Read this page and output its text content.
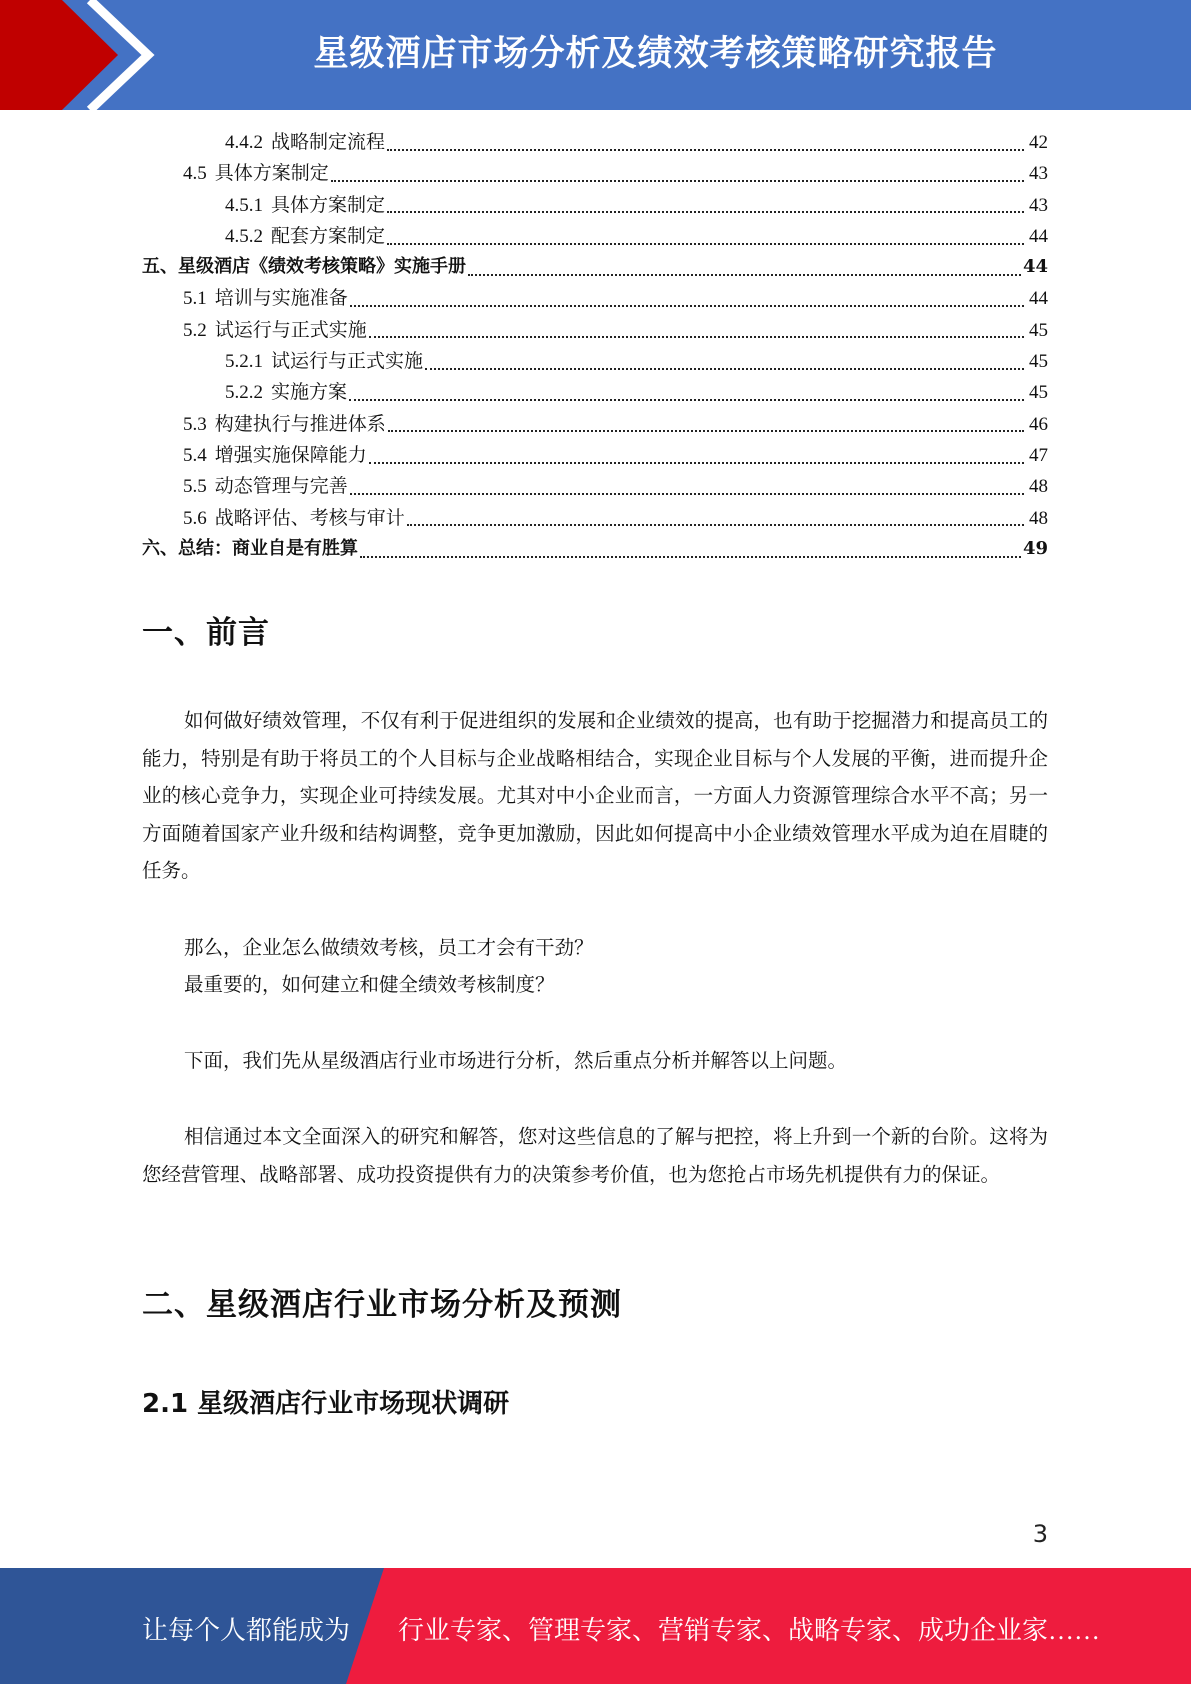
星级酒店市场分析及绩效考核策略研究报告
4.4.2 战略制定流程	42
4.5 具体方案制定	43
4.5.1 具体方案制定	43
4.5.2 配套方案制定	44
五、星级酒店《绩效考核策略》实施手册	44
5.1 培训与实施准备	44
5.2 试运行与正式实施	45
5.2.1 试运行与正式实施	45
5.2.2 实施方案	45
5.3 构建执行与推进体系	46
5.4 增强实施保障能力	47
5.5 动态管理与完善	48
5.6 战略评估、考核与审计	48
六、总结：商业自是有胜算	49
一、前言

如何做好绩效管理，不仅有利于促进组织的发展和企业绩效的提高，也有助于挖掘潜力和提高员工的能力，特别是有助于将员工的个人目标与企业战略相结合，实现企业目标与个人发展的平衡，进而提升企业的核心竞争力，实现企业可持续发展。尤其对中小企业而言，一方面人力资源管理综合水平不高；另一方面随着国家产业升级和结构调整，竞争更加激励，因此如何提高中小企业绩效管理水平成为迫在眉睫的任务。

那么，企业怎么做绩效考核，员工才会有干劲？

最重要的，如何建立和健全绩效考核制度？

下面，我们先从星级酒店行业市场进行分析，然后重点分析并解答以上问题。

相信通过本文全面深入的研究和解答，您对这些信息的了解与把控，将上升到一个新的台阶。这将为您经营管理、战略部署、成功投资提供有力的决策参考价值，也为您抢占市场先机提供有力的保证。

二、星级酒店行业市场分析及预测
2.1 星级酒店行业市场现状调研
3
让每个人都能成为 行业专家、管理专家、营销专家、战略专家、成功企业家……
